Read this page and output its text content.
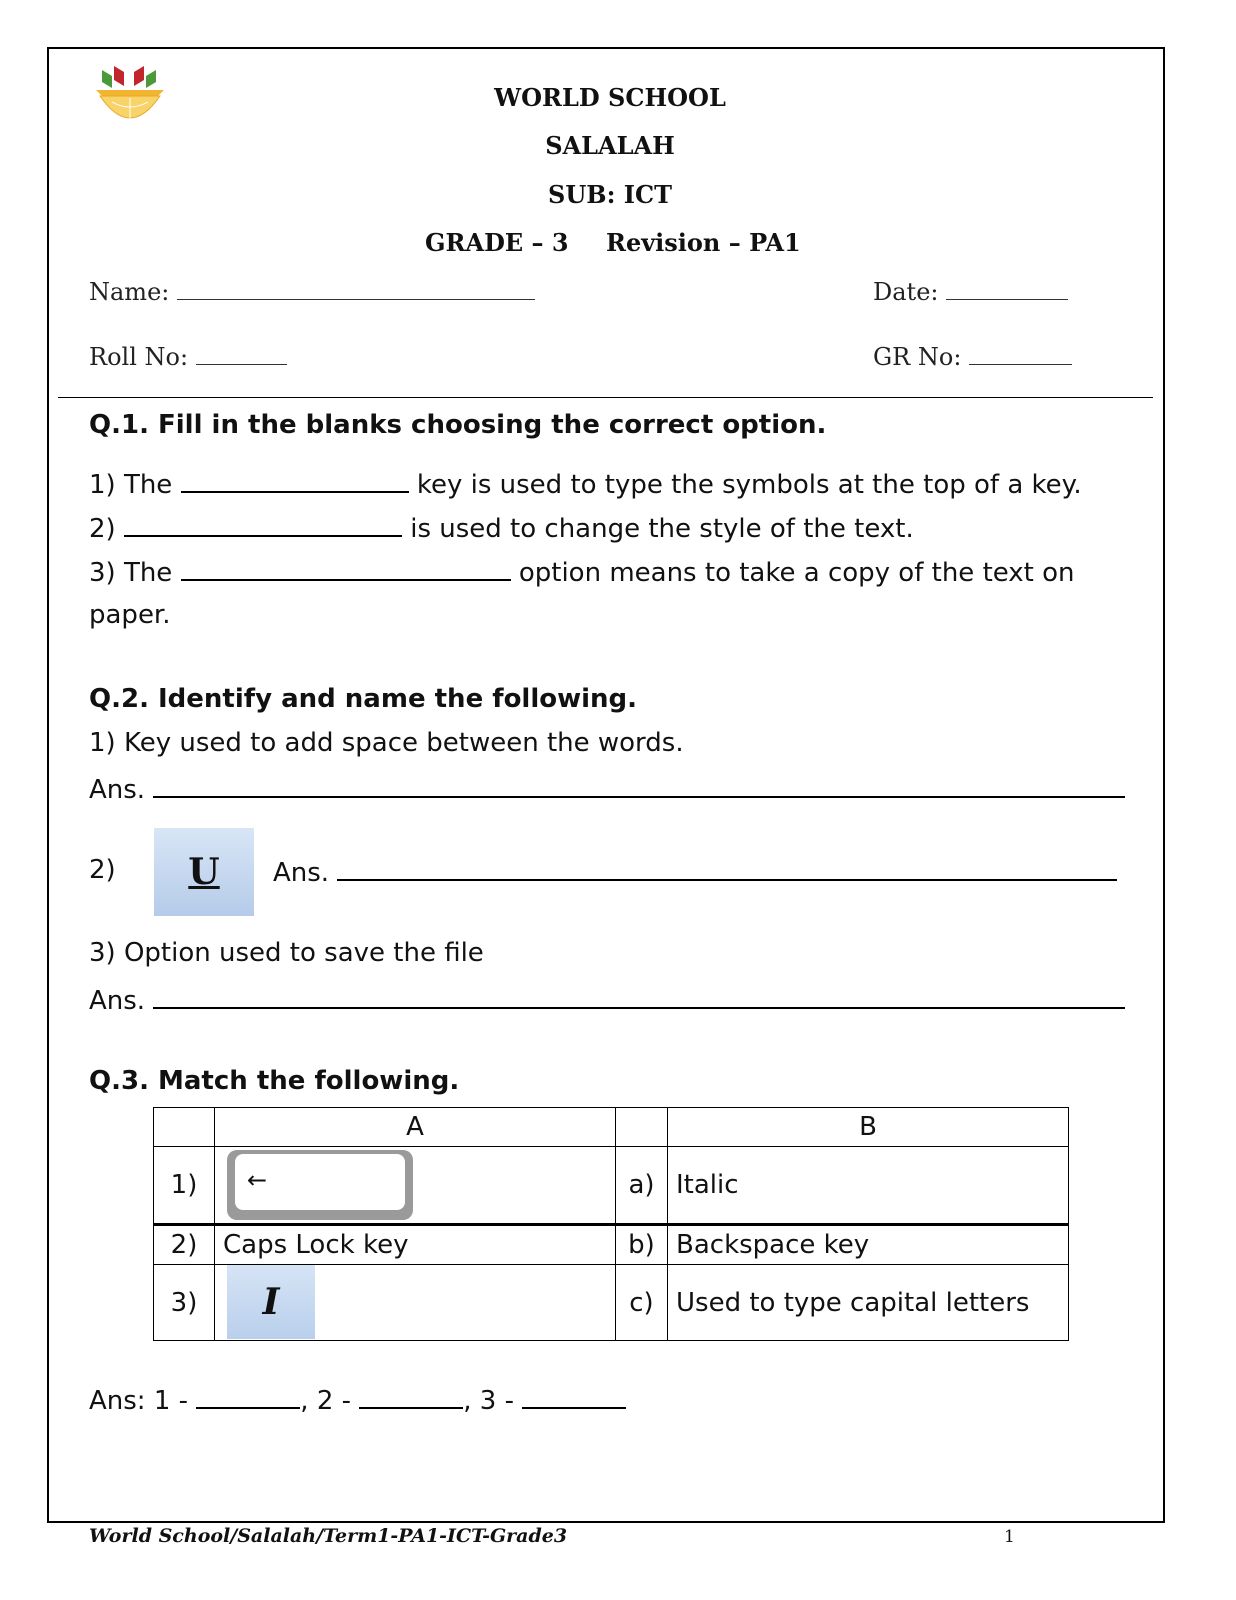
WORLD SCHOOL
SALALAH
SUB: ICT
GRADE – 3 Revision – PA1
Name:	Date:
Roll No:	GR No:
Q.1. Fill in the blanks choosing the correct option.
1) The	key is used to type the symbols at the top of a key.
2)	is used to change the style of the text.
3) The	option means to take a copy of the text on
paper.
Q.2. Identify and name the following.
1) Key used to add space between the words.
Ans.
2) U Ans.
3) Option used to save the file
Ans.
Q.3. Match the following.
	A		B
1)	←	a)	Italic
2)	Caps Lock key	b)	Backspace key
3)	I	c)	Used to type capital letters
Ans: 1 -	, 2 -	, 3 -
World School/Salalah/Term1-PA1-ICT-Grade3	1
